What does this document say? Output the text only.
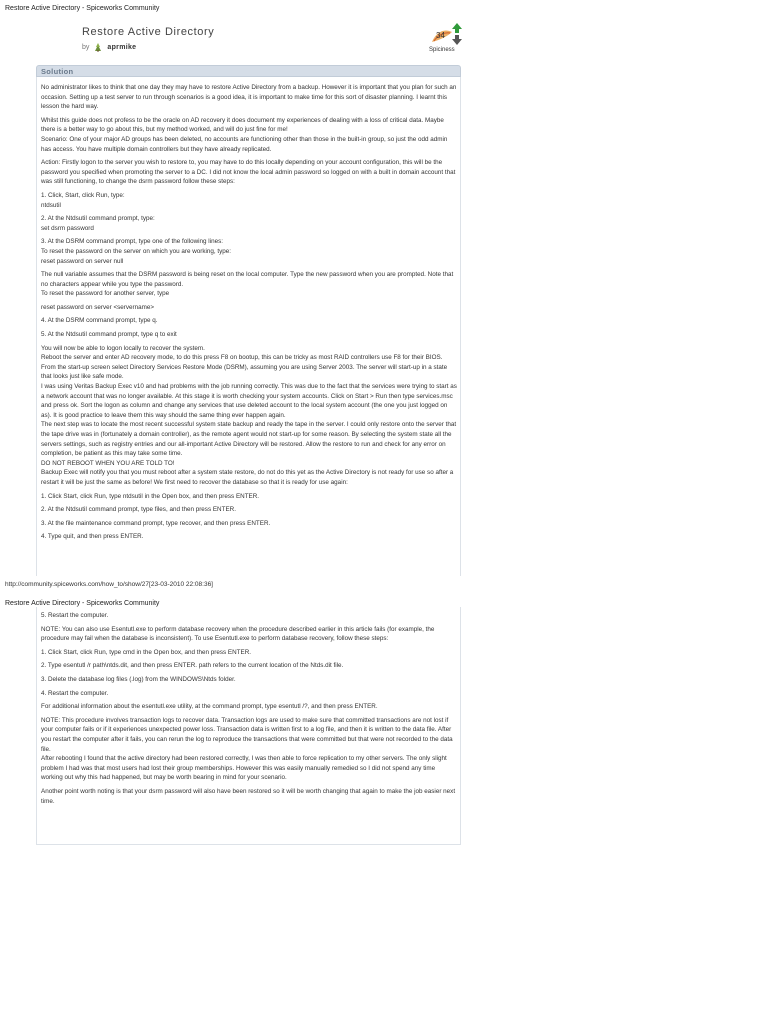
Restore Active Directory - Spiceworks Community
Restore Active Directory
by	aprmike
34
Spiciness
Solution

No administrator likes to think that one day they may have to restore Active Directory from a backup. However it is important that you plan for such an occasion. Setting up a test server to run through scenarios is a good idea, it is important to make time for this sort of disaster planning. I learnt this lesson the hard way.

Whilst this guide does not profess to be the oracle on AD recovery it does document my experiences of dealing with a loss of critical data. Maybe there is a better way to go about this, but my method worked, and will do just fine for me!

Scenario: One of your major AD groups has been deleted, no accounts are functioning other than those in the built-in group, so just the odd admin has access. You have multiple domain controllers but they have already replicated.

Action: Firstly logon to the server you wish to restore to, you may have to do this locally depending on your account configuration, this will be the password you specified when promoting the server to a DC. I did not know the local admin password so logged on with a built in domain account that was still functioning, to change the dsrm password follow these steps:

1. Click, Start, click Run, type:

ntdsutil

2. At the Ntdsutil command prompt, type:

set dsrm password

3. At the DSRM command prompt, type one of the following lines:

To reset the password on the server on which you are working, type:

reset password on server null

The null variable assumes that the DSRM password is being reset on the local computer. Type the new password when you are prompted. Note that no characters appear while you type the password.

To reset the password for another server, type

reset password on server <servername>

4. At the DSRM command prompt, type q.

5. At the Ntdsutil command prompt, type q to exit

You will now be able to logon locally to recover the system.

Reboot the server and enter AD recovery mode, to do this press F8 on bootup, this can be tricky as most RAID controllers use F8 for their BIOS. From the start-up screen select Directory Services Restore Mode (DSRM), assuming you are using Server 2003. The server will start-up in a state that looks just like safe mode.

I was using Veritas Backup Exec v10 and had problems with the job running correctly. This was due to the fact that the services were trying to start as a network account that was no longer available. At this stage it is worth checking your system accounts. Click on Start > Run then type services.msc and press ok. Sort the logon as column and change any services that use deleted account to the local system account (the one you just logged on as). It is good practice to leave them this way should the same thing ever happen again.

The next step was to locate the most recent successful system state backup and ready the tape in the server. I could only restore onto the server that the tape drive was in (fortunately a domain controller), as the remote agent would not start-up for some reason. By selecting the system state all the servers settings, such as registry entries and our all-important Active Directory will be restored. Allow the restore to run and check for any error on completion, be patient as this may take some time.

DO NOT REBOOT WHEN YOU ARE TOLD TO!

Backup Exec will notify you that you must reboot after a system state restore, do not do this yet as the Active Directory is not ready for use so after a restart it will be just the same as before! We first need to recover the database so that it is ready for use again:

1. Click Start, click Run, type ntdsutil in the Open box, and then press ENTER.

2. At the Ntdsutil command prompt, type files, and then press ENTER.

3. At the file maintenance command prompt, type recover, and then press ENTER.

4. Type quit, and then press ENTER.

http://community.spiceworks.com/how_to/show/27[23-03-2010 22:08:36]
Restore Active Directory - Spiceworks Community

5. Restart the computer.

NOTE: You can also use Esentutl.exe to perform database recovery when the procedure described earlier in this article fails (for example, the procedure may fail when the database is inconsistent). To use Esentutl.exe to perform database recovery, follow these steps:

1. Click Start, click Run, type cmd in the Open box, and then press ENTER.

2. Type esentutl /r path\ntds.dit, and then press ENTER. path refers to the current location of the Ntds.dit file.

3. Delete the database log files (.log) from the WINDOWS\Ntds folder.

4. Restart the computer.

For additional information about the esentutl.exe utility, at the command prompt, type esentutl /?, and then press ENTER.

NOTE: This procedure involves transaction logs to recover data. Transaction logs are used to make sure that committed transactions are not lost if your computer fails or if it experiences unexpected power loss. Transaction data is written first to a log file, and then it is written to the data file. After you restart the computer after it fails, you can rerun the log to reproduce the transactions that were committed but that were not recorded to the data file.

After rebooting I found that the active directory had been restored correctly, I was then able to force replication to my other servers. The only slight problem I had was that most users had lost their group memberships. However this was easily manually remedied so I did not spend any time working out why this had happened, but may be worth bearing in mind for your scenario.

Another point worth noting is that your dsrm password will also have been restored so it will be worth changing that again to make the job easier next time.
